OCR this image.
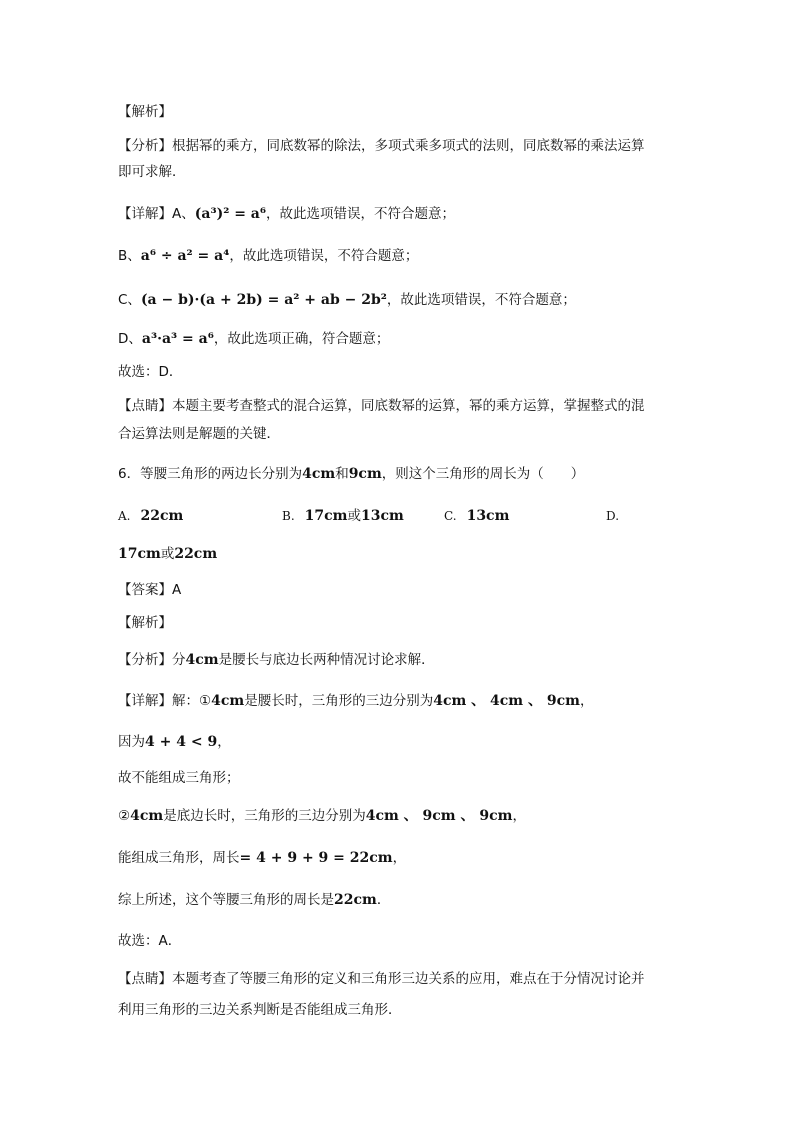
【解析】
【分析】根据幂的乘方，同底数幂的除法，多项式乘多项式的法则，同底数幂的乘法运算
即可求解．
【详解】A、(a³)² = a⁶，故此选项错误，不符合题意；
B、a⁶ ÷ a² = a⁴，故此选项错误，不符合题意；
C、(a − b)·(a + 2b) = a² + ab − 2b²，故此选项错误，不符合题意；
D、a³·a³ = a⁶，故此选项正确，符合题意；
故选：D．
【点睛】本题主要考查整式的混合运算，同底数幂的运算，幂的乘方运算，掌握整式的混
合运算法则是解题的关键．
6．等腰三角形的两边长分别为4cm和9cm，则这个三角形的周长为（　　）
A. 22cm	B. 17cm或13cm	C. 13cm	D.
17cm或22cm
【答案】A
【解析】
【分析】分4cm是腰长与底边长两种情况讨论求解．
【详解】解：①4cm是腰长时，三角形的三边分别为4cm 、 4cm 、 9cm，
因为4 + 4 < 9，
故不能组成三角形；
②4cm是底边长时，三角形的三边分别为4cm 、 9cm 、 9cm，
能组成三角形，周长= 4 + 9 + 9 = 22cm，
综上所述，这个等腰三角形的周长是22cm．
故选：A．
【点睛】本题考查了等腰三角形的定义和三角形三边关系的应用，难点在于分情况讨论并
利用三角形的三边关系判断是否能组成三角形．
